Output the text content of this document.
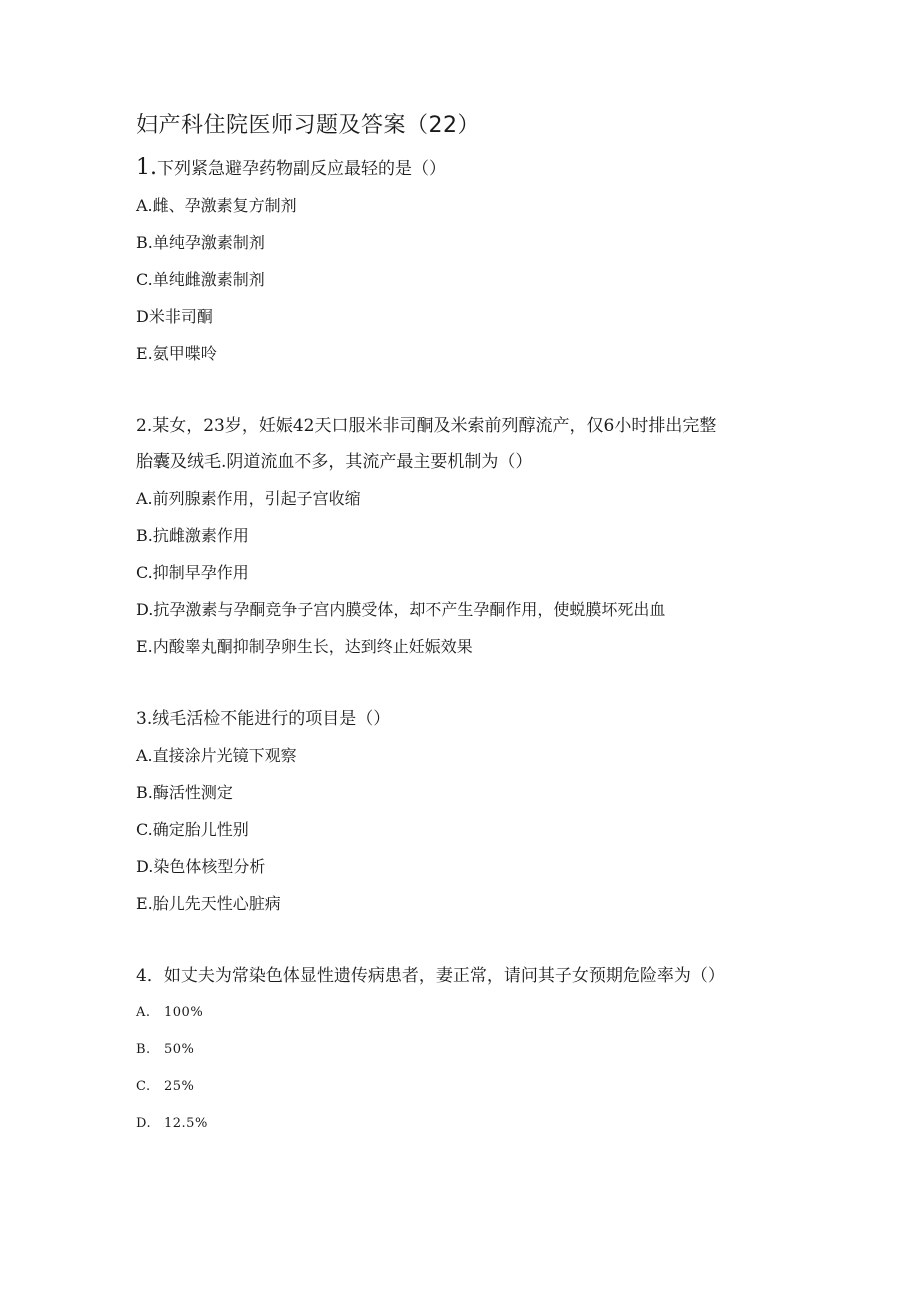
妇产科住院医师习题及答案（22）

1.下列紧急避孕药物副反应最轻的是（）

A.雌、孕激素复方制剂

B.单纯孕激素制剂

C.单纯雌激素制剂

D米非司酮

E.氨甲喋呤

2.某女，23岁，妊娠42天口服米非司酮及米索前列醇流产，仅6小时排出完整

胎囊及绒毛.阴道流血不多，其流产最主要机制为（）

A.前列腺素作用，引起子宫收缩

B.抗雌激素作用

C.抑制早孕作用

D.抗孕激素与孕酮竞争子宫内膜受体，却不产生孕酮作用，使蜕膜坏死出血

E.内酸睾丸酮抑制孕卵生长，达到终止妊娠效果

3.绒毛活检不能进行的项目是（）

A.直接涂片光镜下观察

B.酶活性测定

C.确定胎儿性别

D.染色体核型分析

E.胎儿先天性心脏病

4．如丈夫为常染色体显性遗传病患者，妻正常，请问其子女预期危险率为（）

A. 100%

B. 50%

C. 25%

D. 12.5%
